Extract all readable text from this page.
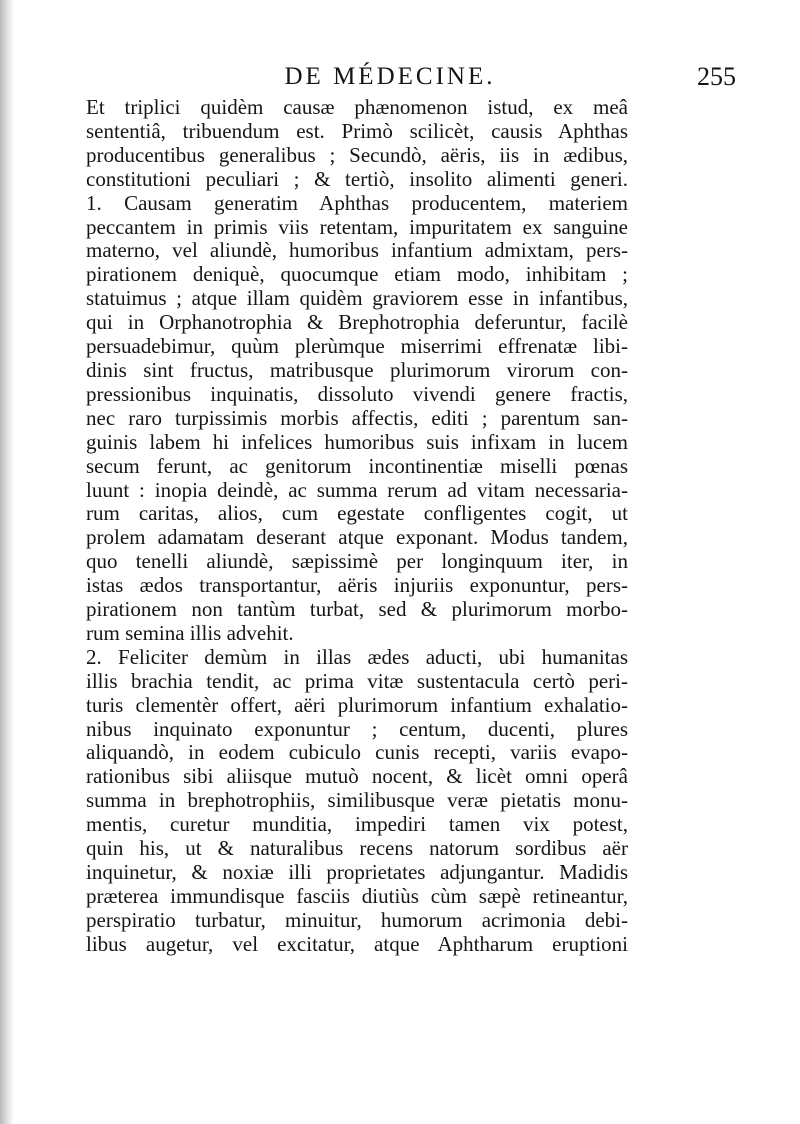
DE MÉDECINE.	255
Et triplici quidèm causæ phænomenon istud, ex meâ
sententiâ, tribuendum est. Primò scilicèt, causis Aphthas
producentibus generalibus ; Secundò, aëris, iis in ædibus,
constitutioni peculiari ; & tertiò, insolito alimenti generi.
1. Causam generatim Aphthas producentem, materiem
peccantem in primis viis retentam, impuritatem ex sanguine
materno, vel aliundè, humoribus infantium admixtam, pers-
pirationem deniquè, quocumque etiam modo, inhibitam ;
statuimus ; atque illam quidèm graviorem esse in infantibus,
qui in Orphanotrophia & Brephotrophia deferuntur, facilè
persuadebimur, quùm plerùmque miserrimi effrenatæ libi-
dinis sint fructus, matribusque plurimorum virorum con-
pressionibus inquinatis, dissoluto vivendi genere fractis,
nec raro turpissimis morbis affectis, editi ; parentum san-
guinis labem hi infelices humoribus suis infixam in lucem
secum ferunt, ac genitorum incontinentiæ miselli pœnas
luunt : inopia deindè, ac summa rerum ad vitam necessaria-
rum caritas, alios, cum egestate confligentes cogit, ut
prolem adamatam deserant atque exponant. Modus tandem,
quo tenelli aliundè, sæpissimè per longinquum iter, in
istas ædos transportantur, aëris injuriis exponuntur, pers-
pirationem non tantùm turbat, sed & plurimorum morbo-
rum semina illis advehit.
2. Feliciter demùm in illas ædes aducti, ubi humanitas
illis brachia tendit, ac prima vitæ sustentacula certò peri-
turis clementèr offert, aëri plurimorum infantium exhalatio-
nibus inquinato exponuntur ; centum, ducenti, plures
aliquandò, in eodem cubiculo cunis recepti, variis evapo-
rationibus sibi aliisque mutuò nocent, & licèt omni operâ
summa in brephotrophiis, similibusque veræ pietatis monu-
mentis, curetur munditia, impediri tamen vix potest,
quin his, ut & naturalibus recens natorum sordibus aër
inquinetur, & noxiæ illi proprietates adjungantur. Madidis
præterea immundisque fasciis diutiùs cùm sæpè retineantur,
perspiratio turbatur, minuitur, humorum acrimonia debi-
libus augetur, vel excitatur, atque Aphtharum eruptioni
